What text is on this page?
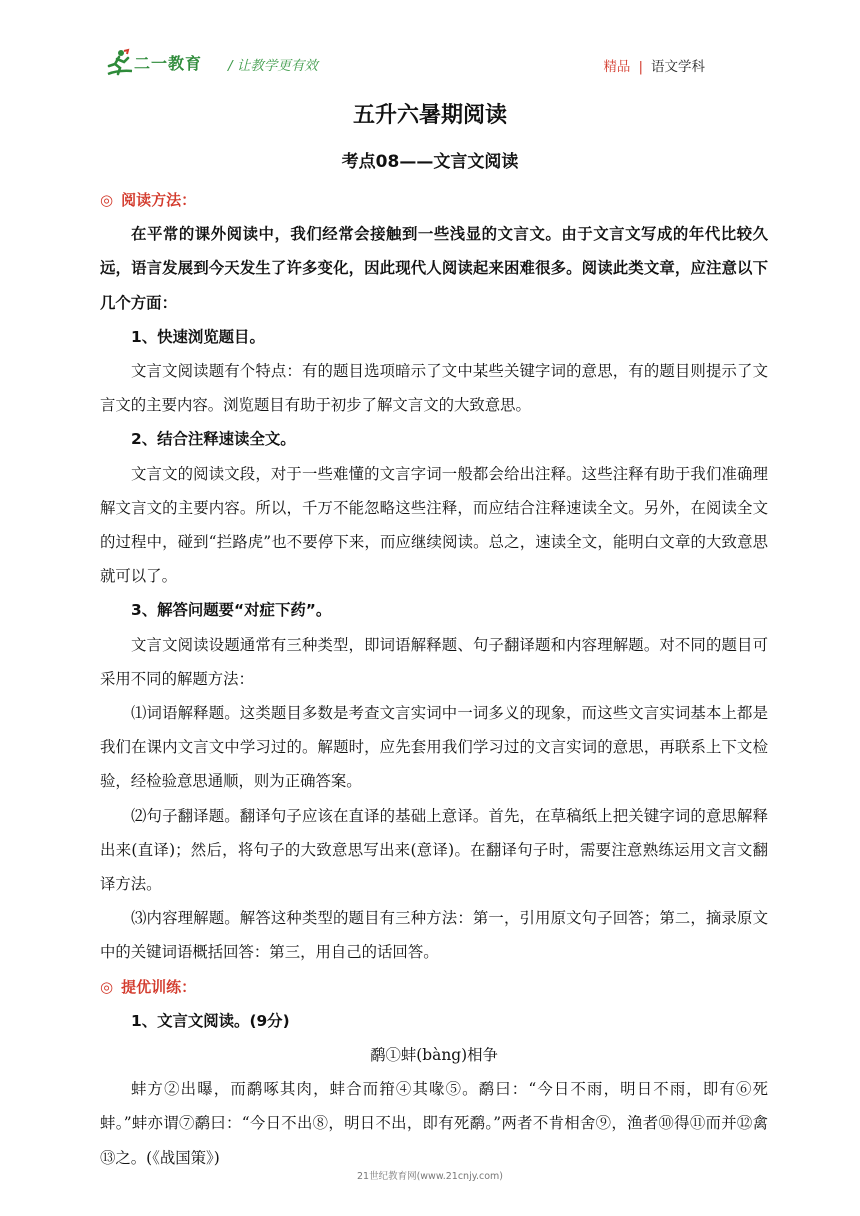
二一教育 / 让教学更有效	精品 | 语文学科
五升六暑期阅读
考点08——文言文阅读

◎ 阅读方法：

在平常的课外阅读中，我们经常会接触到一些浅显的文言文。由于文言文写成的年代比较久远，语言发展到今天发生了许多变化，因此现代人阅读起来困难很多。阅读此类文章，应注意以下几个方面：

1、快速浏览题目。

文言文阅读题有个特点：有的题目选项暗示了文中某些关键字词的意思，有的题目则提示了文言文的主要内容。浏览题目有助于初步了解文言文的大致意思。

2、结合注释速读全文。

文言文的阅读文段，对于一些难懂的文言字词一般都会给出注释。这些注释有助于我们准确理解文言文的主要内容。所以，千万不能忽略这些注释，而应结合注释速读全文。另外，在阅读全文的过程中，碰到“拦路虎”也不要停下来，而应继续阅读。总之，速读全文，能明白文章的大致意思就可以了。

3、解答问题要“对症下药”。

文言文阅读设题通常有三种类型，即词语解释题、句子翻译题和内容理解题。对不同的题目可采用不同的解题方法：

⑴词语解释题。这类题目多数是考查文言实词中一词多义的现象，而这些文言实词基本上都是我们在课内文言文中学习过的。解题时，应先套用我们学习过的文言实词的意思，再联系上下文检验，经检验意思通顺，则为正确答案。

⑵句子翻译题。翻译句子应该在直译的基础上意译。首先，在草稿纸上把关键字词的意思解释出来(直译)；然后，将句子的大致意思写出来(意译)。在翻译句子时，需要注意熟练运用文言文翻译方法。

⑶内容理解题。解答这种类型的题目有三种方法：第一，引用原文句子回答；第二，摘录原文中的关键词语概括回答：第三，用自己的话回答。

◎ 提优训练：

1、文言文阅读。(9分)

鹬①蚌(bàng)相争

蚌方②出曝，而鹬啄其肉，蚌合而箝④其喙⑤。鹬曰：“今日不雨，明日不雨，即有⑥死蚌。”蚌亦谓⑦鹬曰：“今日不出⑧，明日不出，即有死鹬。”两者不肯相舍⑨，渔者⑩得⑪而并⑫禽⑬之。(《战国策》)

21世纪教育网(www.21cnjy.com)
